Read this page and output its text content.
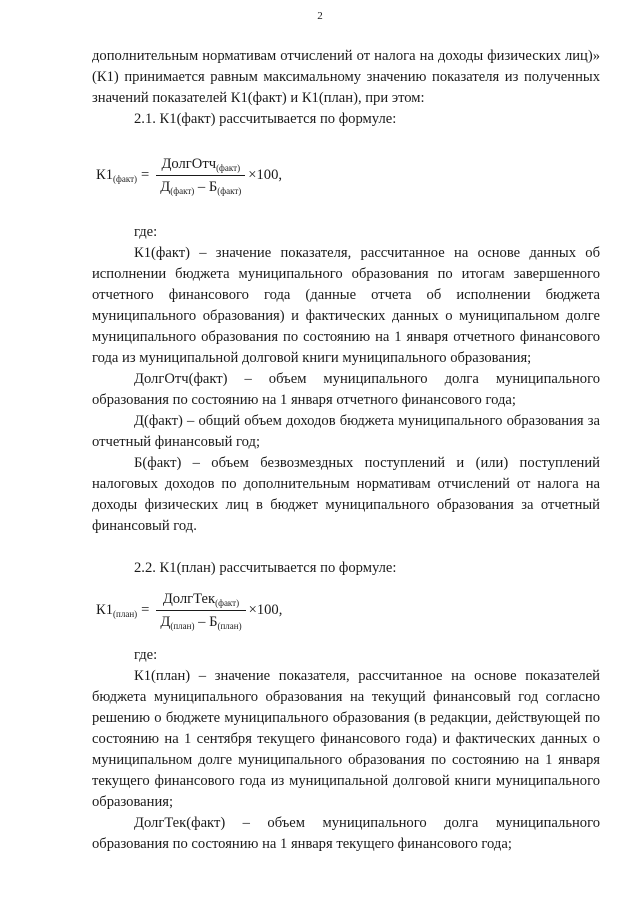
2

дополнительным нормативам отчислений от налога на доходы физических лиц)» (К1) принимается равным максимальному значению показателя из полученных значений показателей К1(факт) и К1(план), при этом:

2.1. К1(факт) рассчитывается по формуле:

$К1_{(факт)} = \frac{ДолгОтч_{(факт)}}{Д_{(факт)} - Б_{(факт)}} \times 100$,

где:

К1(факт) – значение показателя, рассчитанное на основе данных об исполнении бюджета муниципального образования по итогам завершенного отчетного финансового года (данные отчета об исполнении бюджета муниципального образования) и фактических данных о муниципальном долге муниципального образования по состоянию на 1 января отчетного финансового года из муниципальной долговой книги муниципального образования;

ДолгОтч(факт) – объем муниципального долга муниципального образования по состоянию на 1 января отчетного финансового года;

Д(факт) – общий объем доходов бюджета муниципального образования за отчетный финансовый год;

Б(факт) – объем безвозмездных поступлений и (или) поступлений налоговых доходов по дополнительным нормативам отчислений от налога на доходы физических лиц в бюджет муниципального образования за отчетный финансовый год.

2.2. К1(план) рассчитывается по формуле:

$К1_{(план)} = \frac{ДолгТек_{(факт)}}{Д_{(план)} - Б_{(план)}} \times 100$,

где:

К1(план) – значение показателя, рассчитанное на основе показателей бюджета муниципального образования на текущий финансовый год согласно решению о бюджете муниципального образования (в редакции, действующей по состоянию на 1 сентября текущего финансового года) и фактических данных о муниципальном долге муниципального образования по состоянию на 1 января текущего финансового года из муниципальной долговой книги муниципального образования;

ДолгТек(факт) – объем муниципального долга муниципального образования по состоянию на 1 января текущего финансового года;
